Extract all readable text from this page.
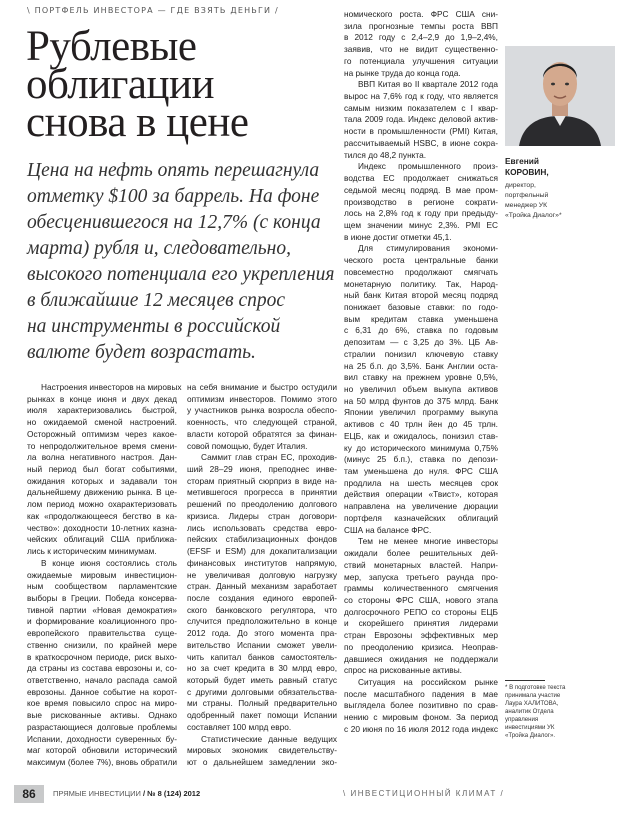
\ ПОРТФЕЛЬ ИНВЕСТОРА — ГДЕ ВЗЯТЬ ДЕНЬГИ /
Рублевые
облигации
снова в цене
Цена на нефть опять перешагнула
отметку $100 за баррель. На фоне
обесценившегося на 12,7% (с конца
марта) рубля и, следовательно,
высокого потенциала его укрепления
в ближайшие 12 месяцев спрос
на инструменты в российской
валюте будет возрастать.
Настроения инвесторов на мировых
рынках в конце июня и двух декад
июля характеризовались быстрой,
но ожидаемой сменой настроений.
Осторожный оптимизм через какое-
то непродолжительное время смени-
ла волна негативного настроя. Дан-
ный период был богат событиями,
ожидания которых и задавали тон
дальнейшему движению рынка. В це-
лом период можно охарактеризовать
как «продолжающееся бегство в ка-
чество»: доходности 10-летних казна-
чейских облигаций США приближа-
лись к историческим минимумам.
В конце июня состоялись столь
ожидаемые мировым инвестицион-
ным сообществом парламентские
выборы в Греции. Победа консерва-
тивной партии «Новая демократия»
и формирование коалиционного про-
европейского правительства суще-
ственно снизили, по крайней мере
в краткосрочном периоде, риск выхо-
да страны из состава еврозоны и, со-
ответственно, начало распада самой
еврозоны. Данное событие на корот-
кое время повысило спрос на миро-
вые рискованные активы. Однако
разрастающиеся долговые проблемы
Испании, доходности суверенных бу-
маг которой обновили исторический
максимум (более 7%), вновь обратили
на себя внимание и быстро остудили
оптимизм инвесторов. Помимо этого
у участников рынка возросла обеспо-
коенность, что следующей страной,
власти которой обратятся за финан-
совой помощью, будет Италия.
Саммит глав стран ЕС, проходив-
ший 28–29 июня, преподнес инве-
сторам приятный сюрприз в виде на-
метившегося прогресса в принятии
решений по преодолению долгового
кризиса. Лидеры стран договори-
лись использовать средства евро-
пейских стабилизационных фондов
(EFSF и ESM) для докапитализации
финансовых институтов напрямую,
не увеличивая долговую нагрузку
стран. Данный механизм заработает
после создания единого европей-
ского банковского регулятора, что
случится предположительно в конце
2012 года. До этого момента пра-
вительство Испании сможет увели-
чить капитал банков самостоятель-
но за счет кредита в 30 млрд евро,
который будет иметь равный статус
с другими долговыми обязательства-
ми страны. Полный предварительно
одобренный пакет помощи Испании
составляет 100 млрд евро.
Статистические данные ведущих
мировых экономик свидетельству-
ют о дальнейшем замедлении эко-
номического роста. ФРС США сни-
зила прогнозные темпы роста ВВП
в 2012 году с 2,4–2,9 до 1,9–2,4%,
заявив, что не видит существенно-
го потенциала улучшения ситуации
на рынке труда до конца года.
ВВП Китая во II квартале 2012 года
вырос на 7,6% год к году, что является
самым низким показателем с I квар-
тала 2009 года. Индекс деловой актив-
ности в промышленности (PMI) Китая,
рассчитываемый HSBC, в июне сокра-
тился до 48,2 пункта.
Индекс промышленного произ-
водства ЕС продолжает снижаться
седьмой месяц подряд. В мае пром-
производство в регионе сократи-
лось на 2,8% год к году при предыду-
щем значении минус 2,3%. PMI ЕС
в июне достиг отметки 45,1.
Для стимулирования экономи-
ческого роста центральные банки
повсеместно продолжают смягчать
монетарную политику. Так, Народ-
ный банк Китая второй месяц подряд
понижает базовые ставки: по годо-
вым кредитам ставка уменьшена
с 6,31 до 6%, ставка по годовым
депозитам — с 3,25 до 3%. ЦБ Ав-
стралии понизил ключевую ставку
на 25 б.п. до 3,5%. Банк Англии оста-
вил ставку на прежнем уровне 0,5%,
но увеличил объем выкупа активов
на 50 млрд фунтов до 375 млрд. Банк
Японии увеличил программу выкупа
активов с 40 трлн йен до 45 трлн.
ЕЦБ, как и ожидалось, понизил став-
ку до исторического минимума 0,75%
(минус 25 б.п.), ставка по депози-
там уменьшена до нуля. ФРС США
продлила на шесть месяцев срок
действия операции «Твист», которая
направлена на увеличение дюрации
портфеля казначейских облигаций
США на балансе ФРС.
Тем не менее многие инвесторы
ожидали более решительных дей-
ствий монетарных властей. Напри-
мер, запуска третьего раунда про-
граммы количественного смягчения
со стороны ФРС США, нового этапа
долгосрочного РЕПО со стороны ЕЦБ
и скорейшего принятия лидерами
стран Еврозоны эффективных мер
по преодолению кризиса. Неоправ-
давшиеся ожидания не поддержали
спрос на рискованные активы.
Ситуация на российском рынке
после масштабного падения в мае
выглядела более позитивно по срав-
нению с мировым фоном. За период
с 20 июня по 16 июля 2012 года индекс
Евгений
КОРОВИН,
директор,
портфельный
менеджер УК
«Тройка Диалог»*
* В подготовке текста
принимала участие
Лаура ХАЛИТОВА,
аналитик Отдела
управления
инвестициями УК
«Тройка Диалог».
86	ПРЯМЫЕ ИНВЕСТИЦИИ / № 8 (124) 2012	\ ИНВЕСТИЦИОННЫЙ КЛИМАТ /
